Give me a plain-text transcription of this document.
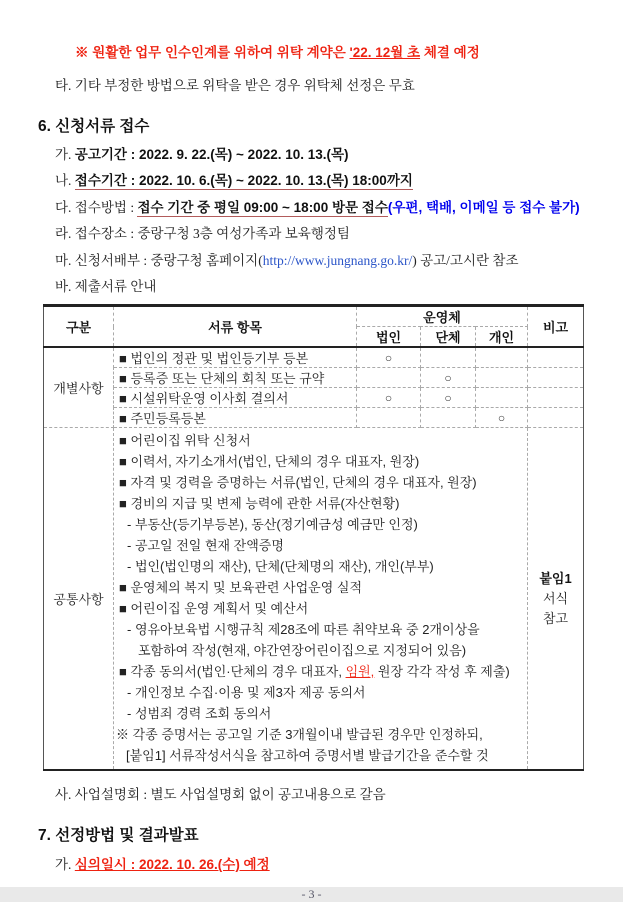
※ 원활한 업무 인수인계를 위하여 위탁 계약은 '22. 12월 초 체결 예정
타. 기타 부정한 방법으로 위탁을 받은 경우 위탁체 선정은 무효
6. 신청서류 접수
가. 공고기간 : 2022. 9. 22.(목) ~ 2022. 10. 13.(목)
나. 접수기간 : 2022. 10. 6.(목) ~ 2022. 10. 13.(목) 18:00까지
다. 접수방법 : 접수 기간 중 평일 09:00 ~ 18:00 방문 접수(우편, 택배, 이메일 등 접수 불가)
라. 접수장소 : 중랑구청 3층 여성가족과 보육행정팀
마. 신청서배부 : 중랑구청 홈페이지(http://www.jungnang.go.kr/) 공고/고시란 참조
바. 제출서류 안내
구분	서류 항목	운영체			비고
		법인	단체	개인	
개별사항	■ 법인의 정관 및 법인등기부 등본	○			
	■ 등록증 또는 단체의 회칙 또는 규약		○		
	■ 시설위탁운영 이사회 결의서	○	○		
	■ 주민등록등본			○	
공통사항	
■ 어린이집 위탁 신청서
■ 이력서, 자기소개서(법인, 단체의 경우 대표자, 원장)
■ 자격 및 경력을 증명하는 서류(법인, 단체의 경우 대표자, 원장)
■ 경비의 지급 및 변제 능력에 관한 서류(자산현황)
- 부동산(등기부등본), 동산(정기예금성 예금만 인정)
- 공고일 전일 현재 잔액증명
- 법인(법인명의 재산), 단체(단체명의 재산), 개인(부부)
■ 운영체의 복지 및 보육관련 사업운영 실적
■ 어린이집 운영 계획서 및 예산서
- 영유아보육법 시행규칙 제28조에 따른 취약보육 중 2개이상을
포함하여 작성(현재, 야간연장어린이집으로 지정되어 있음)
■ 각종 동의서(법인·단체의 경우 대표자, 임원, 원장 각각 작성 후 제출)
- 개인정보 수집·이용 및 제3자 제공 동의서
- 성범죄 경력 조회 동의서
※ 각종 증명서는 공고일 기준 3개월이내 발급된 경우만 인정하되,
[붙임1] 서류작성서식을 참고하여 증명서별 발급기간을 준수할 것

붙임1
서식
참고
사. 사업설명회 : 별도 사업설명회 없이 공고내용으로 갈음
7. 선정방법 및 결과발표
가. 심의일시 : 2022. 10. 26.(수) 예정
- 3 -
